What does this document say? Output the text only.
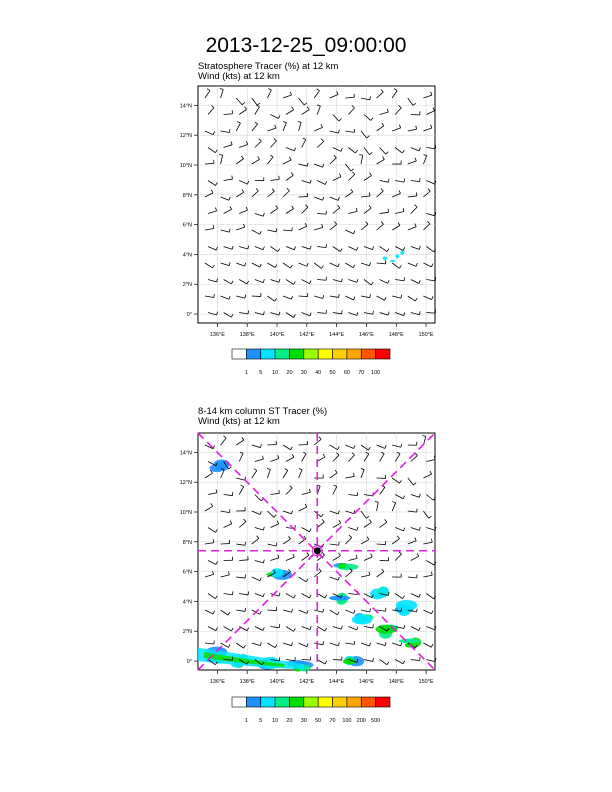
2013-12-25_09:00:00
Stratosphere Tracer (%) at 12 km
Wind (kts) at 12 km
136°E	138°E	140°E	142°E	144°E	146°E	148°E	150°E
0°
2°N
4°N
6°N
8°N
10°N
12°N
14°N
1 5 10 20 30 40 50 60 70 100
8-14 km column ST Tracer (%)
Wind (kts) at 12 km
136°E	138°E	140°E	142°E	144°E	146°E	148°E	150°E
0°
2°N
4°N
6°N
8°N
10°N
12°N
14°N
1 5 10 20 30 50 70 100 200 500
